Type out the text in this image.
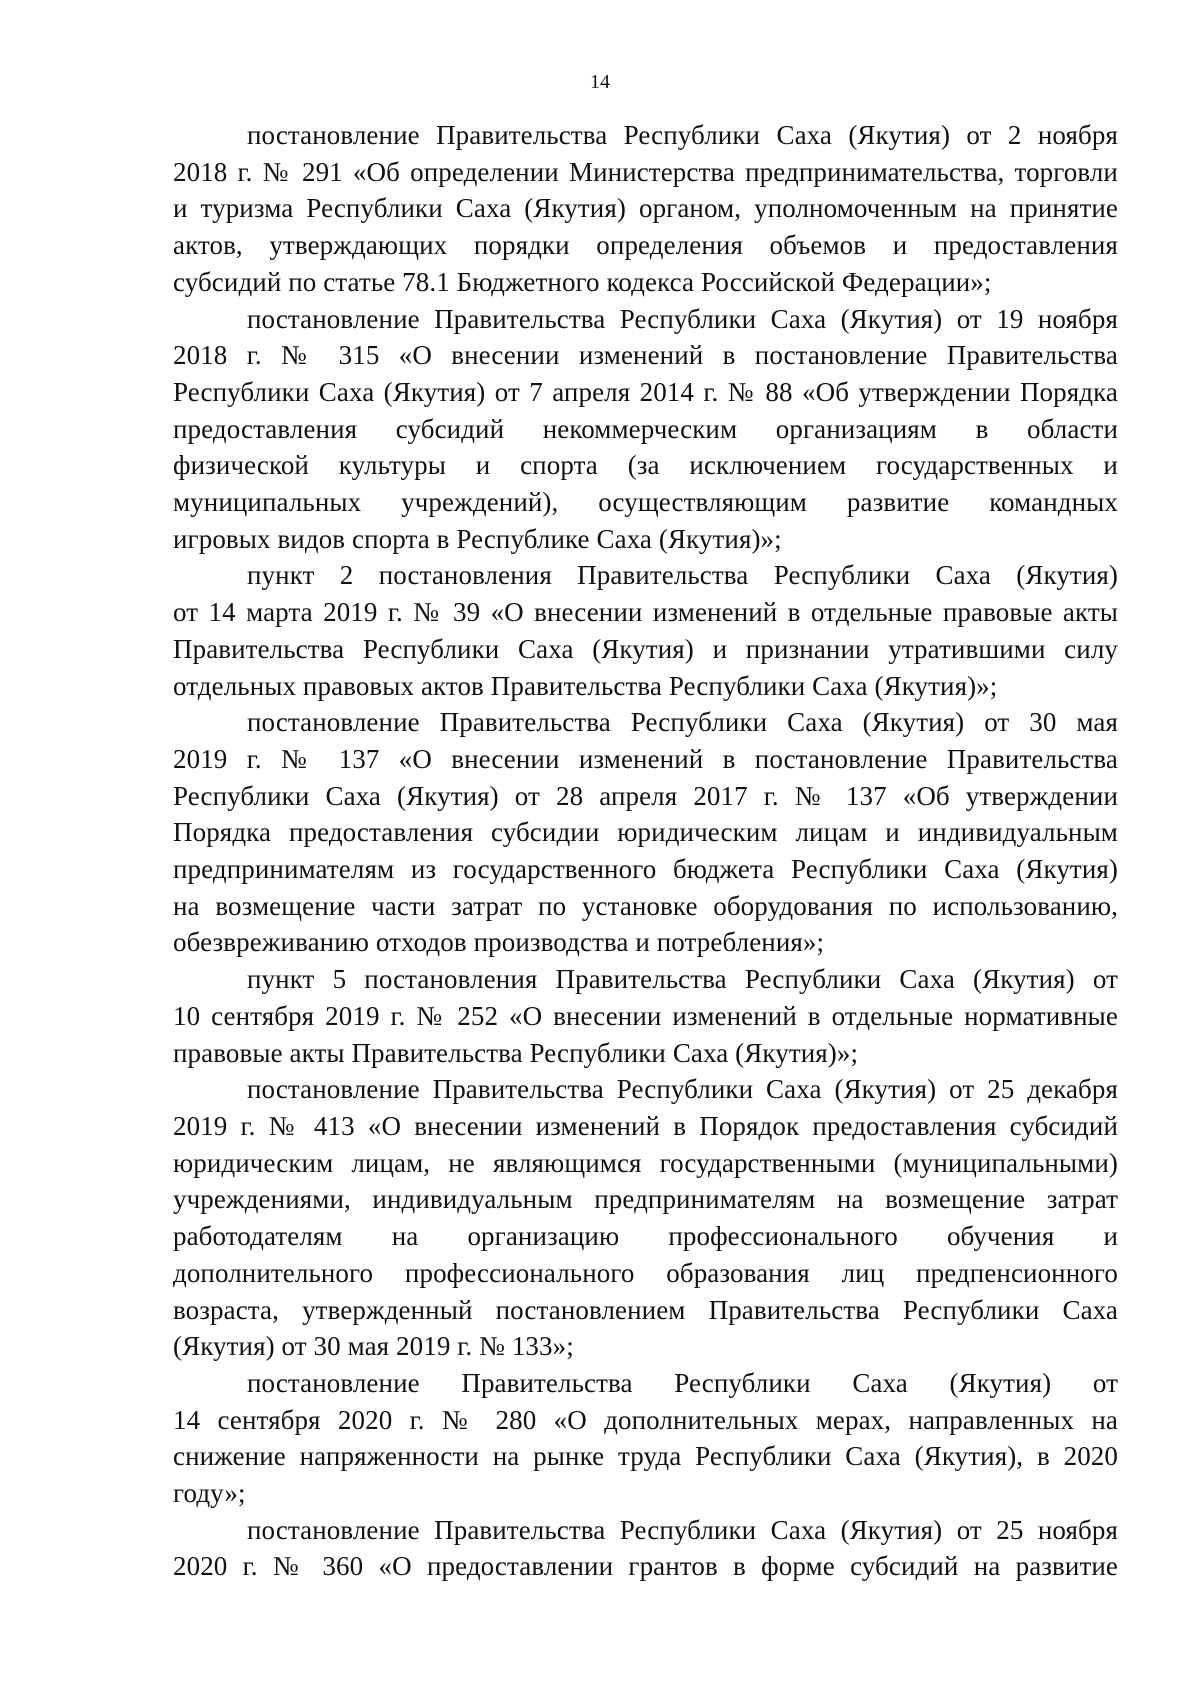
14

постановление Правительства Республики Саха (Якутия) от 2 ноября
2018 г. № 291 «Об определении Министерства предпринимательства, торговли
и туризма Республики Саха (Якутия) органом, уполномоченным на принятие
актов, утверждающих порядки определения объемов и предоставления
субсидий по статье 78.1 Бюджетного кодекса Российской Федерации»;

постановление Правительства Республики Саха (Якутия) от 19 ноября
2018 г. № 315 «О внесении изменений в постановление Правительства
Республики Саха (Якутия) от 7 апреля 2014 г. № 88 «Об утверждении Порядка
предоставления субсидий некоммерческим организациям в области
физической культуры и спорта (за исключением государственных и
муниципальных учреждений), осуществляющим развитие командных
игровых видов спорта в Республике Саха (Якутия)»;

пункт 2 постановления Правительства Республики Саха (Якутия)
от 14 марта 2019 г. № 39 «О внесении изменений в отдельные правовые акты
Правительства Республики Саха (Якутия) и признании утратившими силу
отдельных правовых актов Правительства Республики Саха (Якутия)»;

постановление Правительства Республики Саха (Якутия) от 30 мая
2019 г. № 137 «О внесении изменений в постановление Правительства
Республики Саха (Якутия) от 28 апреля 2017 г. № 137 «Об утверждении
Порядка предоставления субсидии юридическим лицам и индивидуальным
предпринимателям из государственного бюджета Республики Саха (Якутия)
на возмещение части затрат по установке оборудования по использованию,
обезвреживанию отходов производства и потребления»;

пункт 5 постановления Правительства Республики Саха (Якутия) от
10 сентября 2019 г. № 252 «О внесении изменений в отдельные нормативные
правовые акты Правительства Республики Саха (Якутия)»;

постановление Правительства Республики Саха (Якутия) от 25 декабря
2019 г. № 413 «О внесении изменений в Порядок предоставления субсидий
юридическим лицам, не являющимся государственными (муниципальными)
учреждениями, индивидуальным предпринимателям на возмещение затрат
работодателям на организацию профессионального обучения и
дополнительного профессионального образования лиц предпенсионного
возраста, утвержденный постановлением Правительства Республики Саха
(Якутия) от 30 мая 2019 г. № 133»;

постановление Правительства Республики Саха (Якутия) от
14 сентября 2020 г. № 280 «О дополнительных мерах, направленных на
снижение напряженности на рынке труда Республики Саха (Якутия), в 2020
году»;

постановление Правительства Республики Саха (Якутия) от 25 ноября
2020 г. № 360 «О предоставлении грантов в форме субсидий на развитие
